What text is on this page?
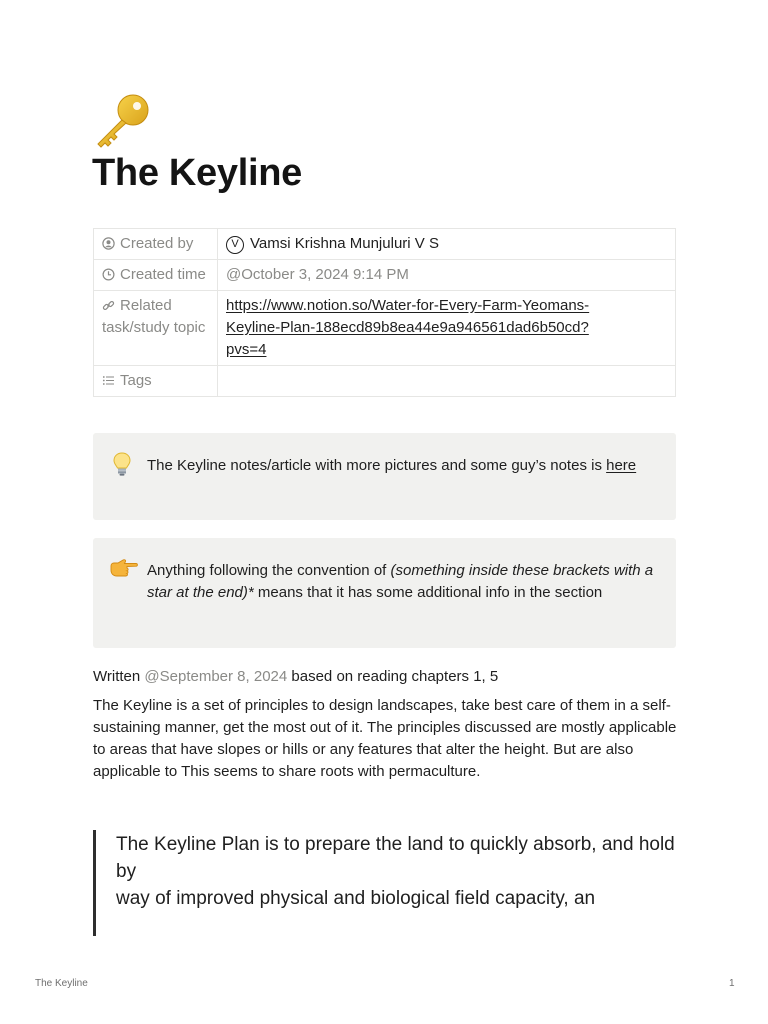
The Keyline
Created by	V Vamsi Krishna Munjuluri V S
Created time	@October 3, 2024 9:14 PM
Related task/study topic	https://www.notion.so/Water-for-Every-Farm-Yeomans-
Keyline-Plan-188ecd89b8ea44e9a946561dad6b50cd?
pvs=4

Tags	
The Keyline notes/article with more pictures and some guy’s notes is here
Anything following the convention of (something inside these brackets with a star at the end)* means that it has some additional info in the section
Written @September 8, 2024 based on reading chapters 1, 5

The Keyline is a set of principles to design landscapes, take best care of them in a self-sustaining manner, get the most out of it. The principles discussed are mostly applicable to areas that have slopes or hills or any features that alter the height. But are also applicable to This seems to share roots with permaculture.

The Keyline Plan is to prepare the land to quickly absorb, and hold by
way of improved physical and biological field capacity, an
The Keyline	1
